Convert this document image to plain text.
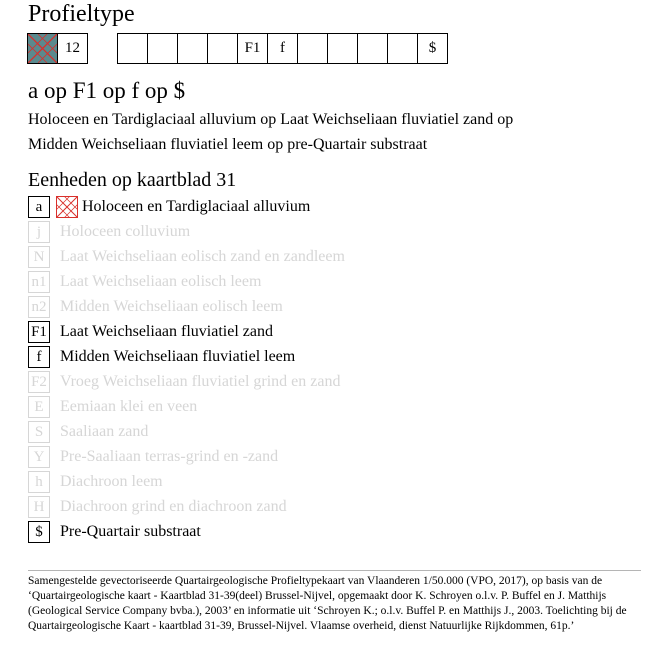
Profieltype
12	F1	f	$
a op F1 op f op $
Holoceen en Tardiglaciaal alluvium op Laat Weichseliaan fluviatiel zand op
Midden Weichseliaan fluviatiel leem op pre-Quartair substraat
Eenheden op kaartblad 31
a	Holoceen en Tardiglaciaal alluvium
j	Holoceen colluvium
N Laat Weichseliaan eolisch zand en zandleem
n1 Laat Weichseliaan eolisch leem
n2 Midden Weichseliaan eolisch leem
F1 Laat Weichseliaan fluviatiel zand
f	Midden Weichseliaan fluviatiel leem
F2 Vroeg Weichseliaan fluviatiel grind en zand
E	Eemiaan klei en veen
S	Saaliaan zand
Y Pre-Saaliaan terras-grind en -zand
h	Diachroon leem
H Diachroon grind en diachroon zand
$	Pre-Quartair substraat
Samengestelde gevectoriseerde Quartairgeologische Profieltypekaart van Vlaanderen 1/50.000 (VPO, 2017), op basis van de ‘Quartairgeologische kaart - Kaartblad 31-39(deel) Brussel-Nijvel, opgemaakt door K. Schroyen o.l.v. P. Buffel en J. Matthijs (Geological Service Company bvba.), 2003’ en informatie uit ‘Schroyen K.; o.l.v. Buffel P. en Matthijs J., 2003. Toelichting bij de Quartairgeologische Kaart - kaartblad 31-39, Brussel-Nijvel. Vlaamse overheid, dienst Natuurlijke Rijkdommen, 61p.’
